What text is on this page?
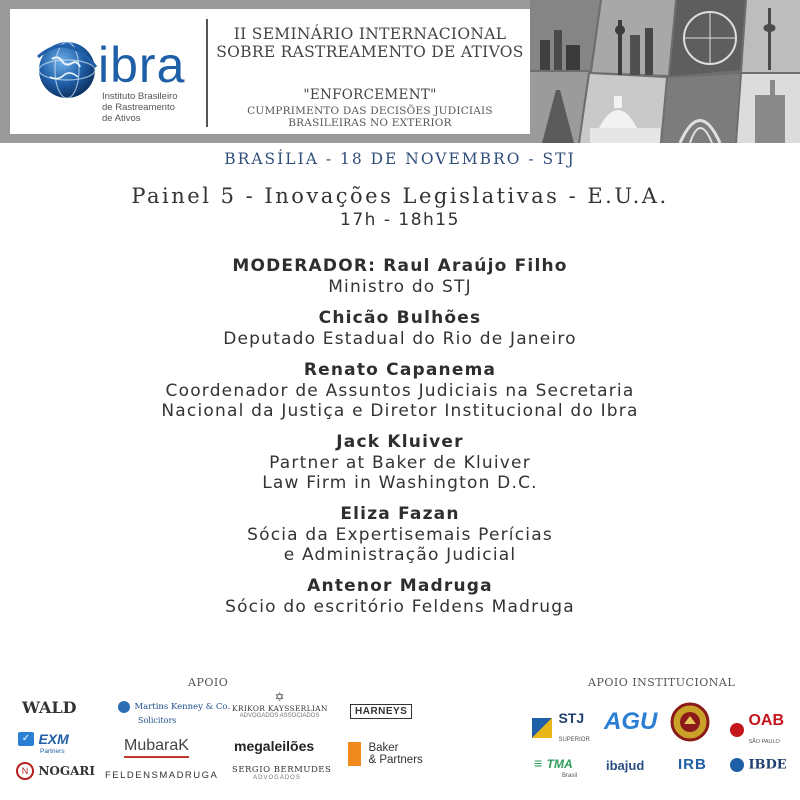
ibra
Instituto Brasileiro
de Rastreamento
de Ativos
II SEMINÁRIO INTERNACIONAL
SOBRE RASTREAMENTO DE ATIVOS
"ENFORCEMENT"
CUMPRIMENTO DAS DECISÕES JUDICIAIS
BRASILEIRAS NO EXTERIOR
BRASÍLIA - 18 DE NOVEMBRO - STJ
Painel 5 - Inovações Legislativas - E.U.A.
17h - 18h15
MODERADOR: Raul Araújo Filho
Ministro do STJ
Chicão Bulhões
Deputado Estadual do Rio de Janeiro
Renato Capanema
Coordenador de Assuntos Judiciais na Secretaria
Nacional da Justiça e Diretor Institucional do Ibra
Jack Kluiver
Partner at Baker de Kluiver
Law Firm in Washington D.C.
Eliza Fazan
Sócia da Expertisemais Perícias
e Administração Judicial
Antenor Madruga
Sócio do escritório Feldens Madruga
APOIO
WALD	Martins Kenney & Co.
Solicitors
✡
KRIKOR KAYSSERLIAN
ADVOGADOS ASSOCIADOS	HARNEYS
✓ EXM
Partners	MubaraK	megaleilões	Baker
& Partners
N NOGARI FELDENSMADRUGA SERGIO BERMUDES
ADVOGADOS
APOIO INSTITUCIONAL
STJ
SUPERIOR
AGU	OAB
SÃO PAULO
≡ TMA
Brasil
ibajud IRB	IBDE
